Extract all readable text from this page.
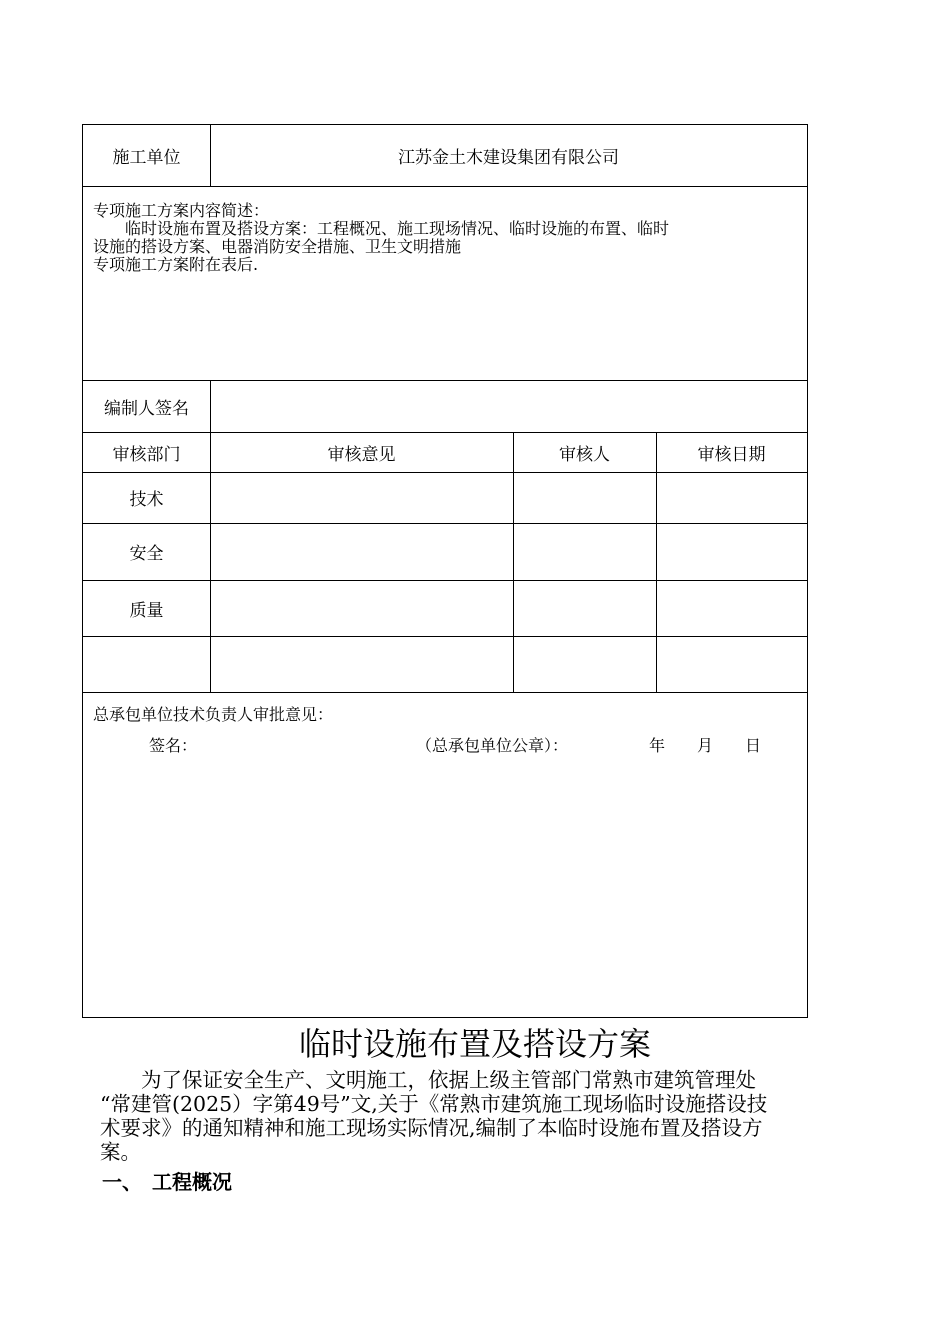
施工单位	江苏金土木建设集团有限公司
专项施工方案内容简述：
　　临时设施布置及搭设方案：工程概况、施工现场情况、临时设施的布置、临时
设施的搭设方案、电器消防安全措施、卫生文明措施
专项施工方案附在表后.
编制人签名
审核部门	审核意见	审核人	审核日期
技术
安全
质量
总承包单位技术负责人审批意见：
签名：	（总承包单位公章）：	年 月 日
临时设施布置及搭设方案
　　为了保证安全生产、文明施工，依据上级主管部门常熟市建筑管理处
“常建管(2025）字第49号”文,关于《常熟市建筑施工现场临时设施搭设技
术要求》的通知精神和施工现场实际情况,编制了本临时设施布置及搭设方
案。
一、　工程概况
